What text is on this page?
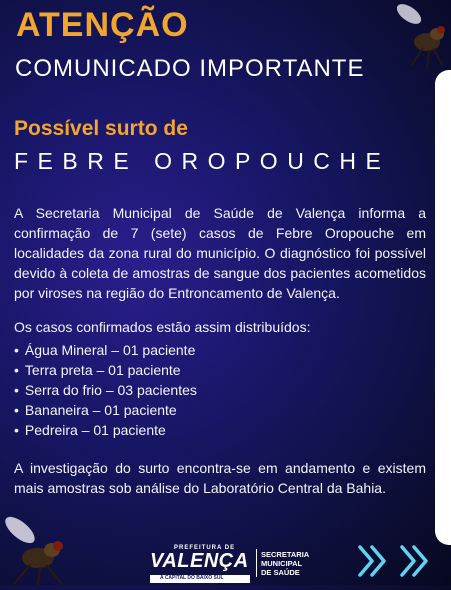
ATENÇÃO
COMUNICADO IMPORTANTE
Possível surto de
FEBRE OROPOUCHE
A Secretaria Municipal de Saúde de Valença informa a confirmação de 7 (sete) casos de Febre Oropouche em localidades da zona rural do município. O diagnóstico foi possível devido à coleta de amostras de sangue dos pacientes acometidos por viroses na região do Entroncamento de Valença.
Os casos confirmados estão assim distribuídos:
• Água Mineral – 01 paciente
• Terra preta – 01 paciente
• Serra do frio – 03 pacientes
• Bananeira – 01 paciente
• Pedreira – 01 paciente
A investigação do surto encontra-se em andamento e existem mais amostras sob análise do Laboratório Central da Bahia.
PREFEITURA DE
VALENÇA
A CAPITAL DO BAIXO SUL
SECRETARIA
MUNICIPAL
DE SAÚDE
